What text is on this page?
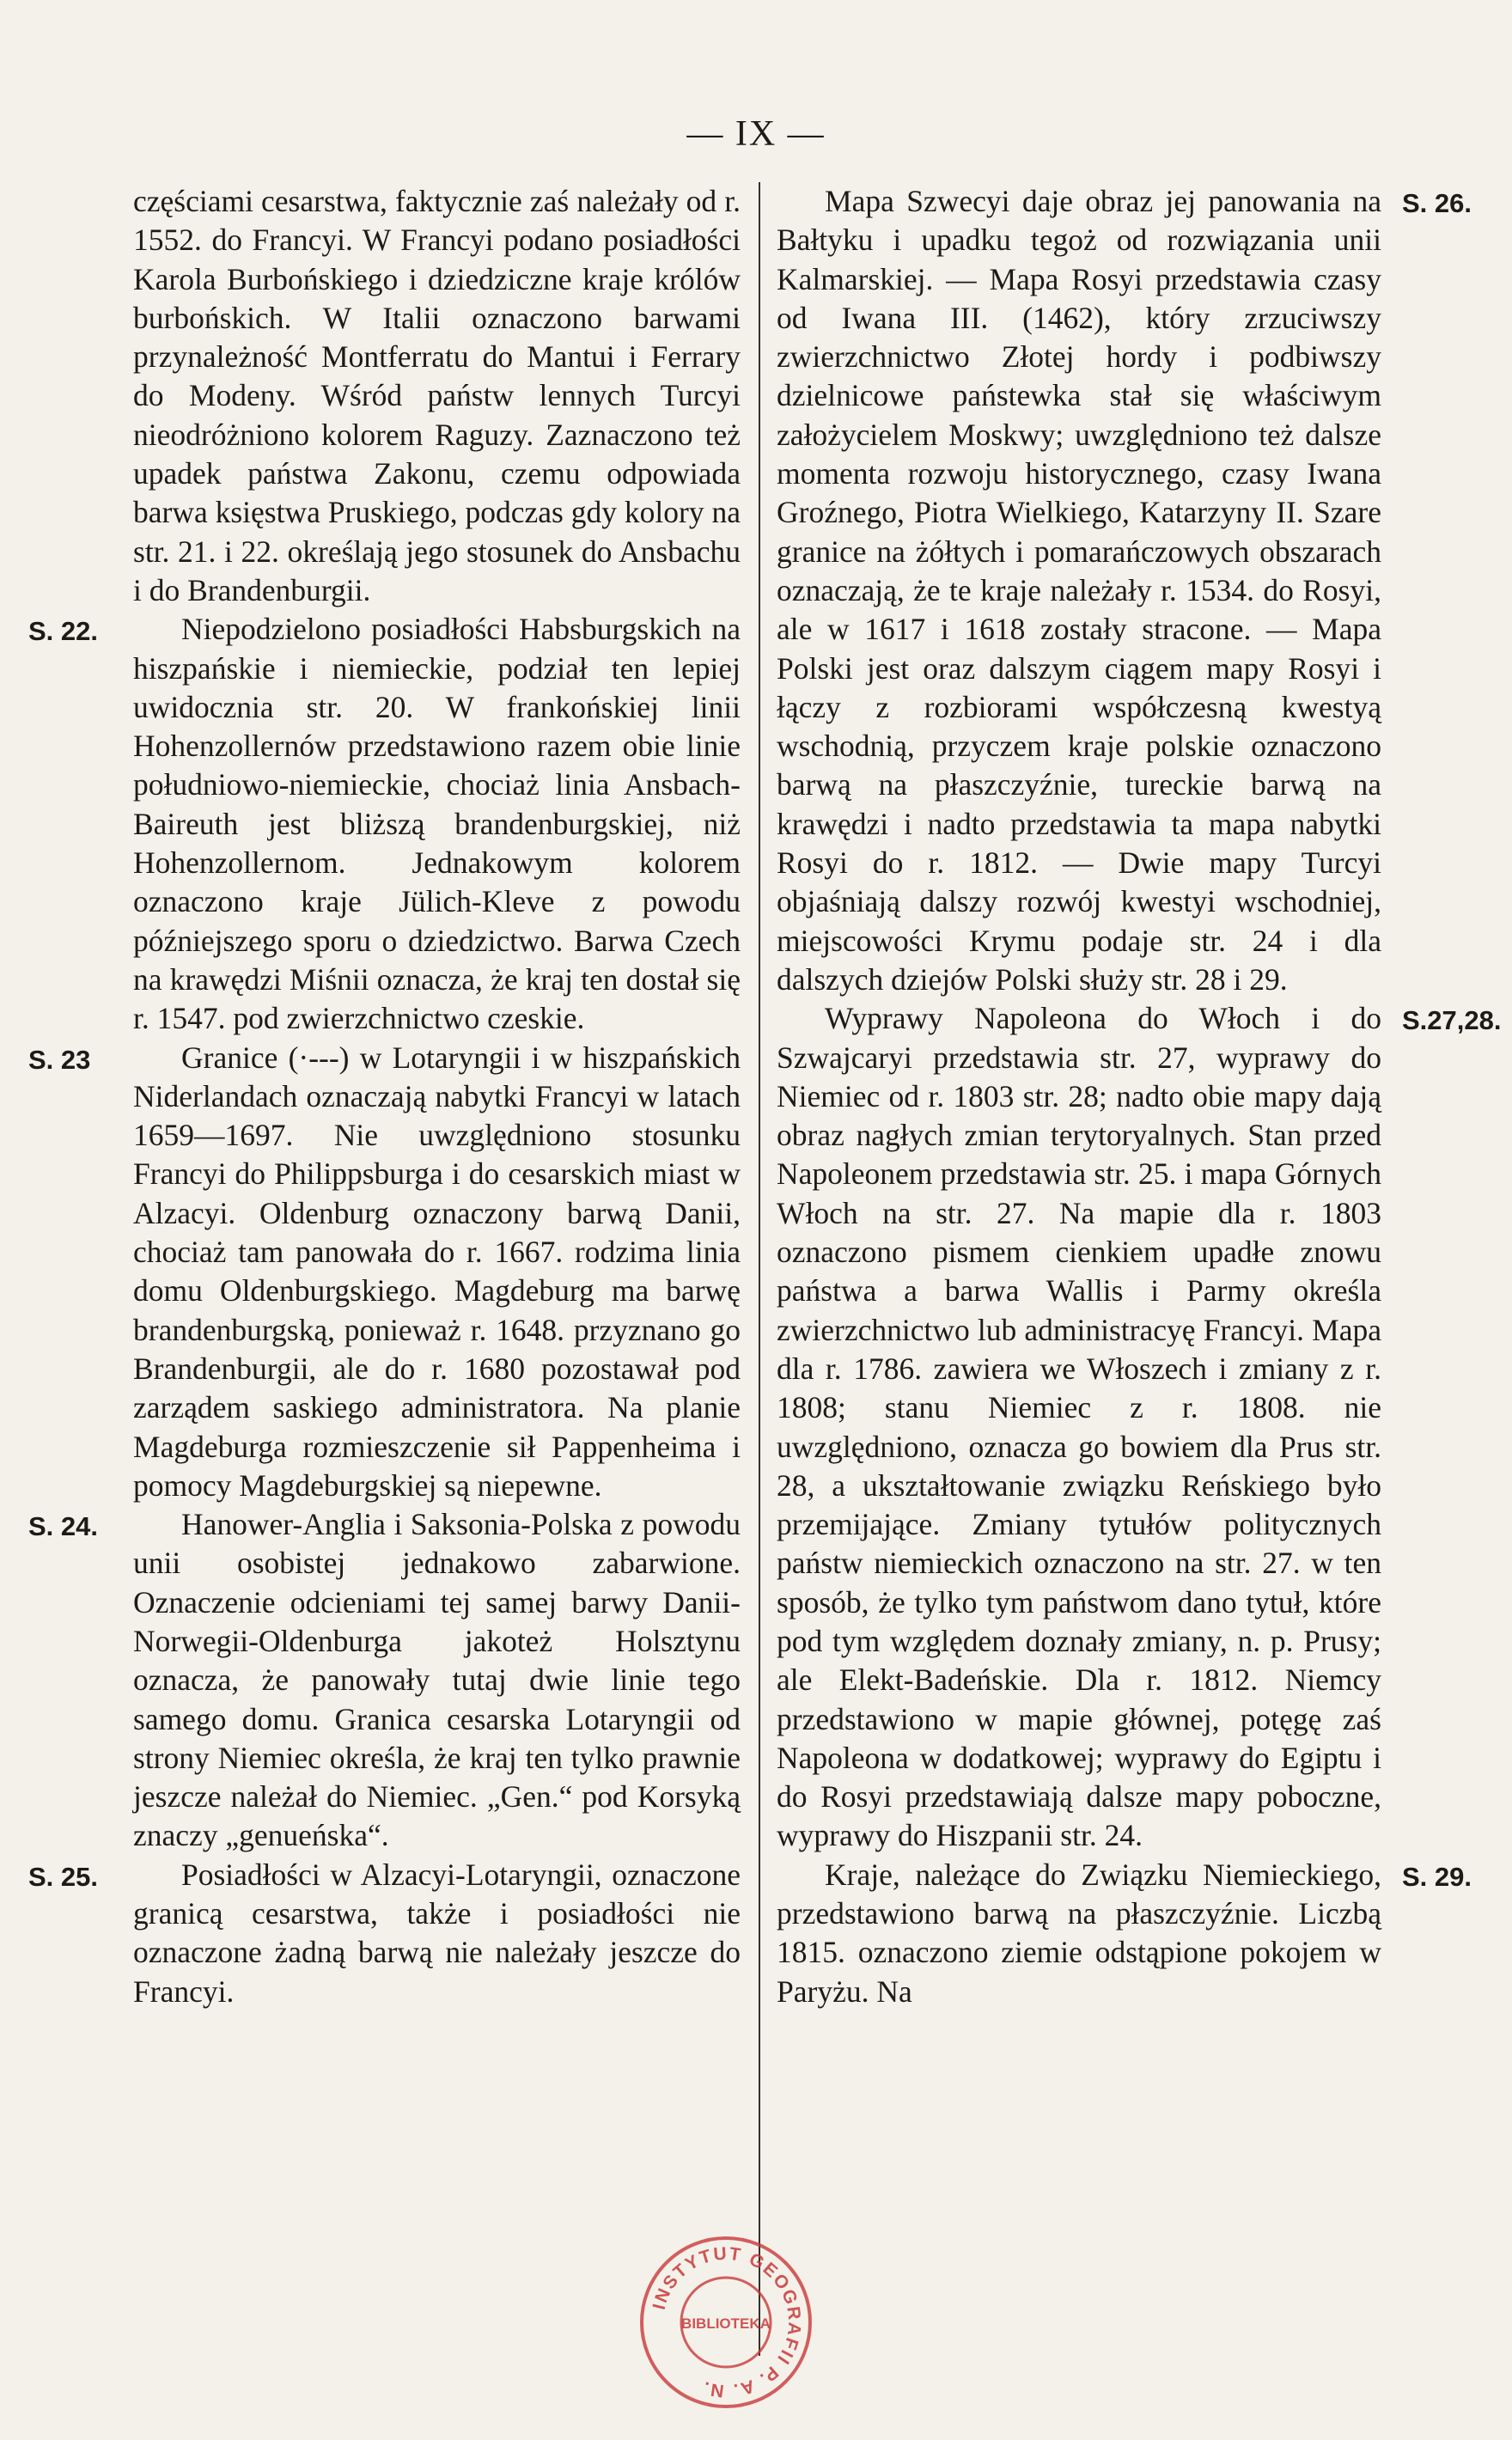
— IX —

częściami cesarstwa, faktycznie zaś należały od r. 1552. do Francyi. W Francyi podano posiadłości Karola Burbońskiego i dziedziczne kraje królów burbońskich. W Italii oznaczono barwami przynależność Montferratu do Mantui i Ferrary do Modeny. Wśród państw lennych Turcyi nieodróżniono kolorem Raguzy. Zaznaczono też upadek państwa Zakonu, czemu odpowiada barwa księstwa Pruskiego, podczas gdy kolory na str. 21. i 22. określają jego stosunek do Ansbachu i do Brandenburgii.

S. 22.	Niepodzielono posiadłości Habsburgskich na hiszpańskie i niemieckie, podział ten lepiej uwidoczniа str. 20. W frankońskiej linii Hohenzollernów przedstawiono razem obie linie południowo-niemieckie, chociaż linia Ansbach-Baireuth jest bliższą brandenburgskiej, niż Hohenzollernom. Jednakowym kolorem oznaczono kraje Jülich-Kleve z powodu późniejszego sporu o dziedzictwo. Barwa Czech na krawędzi Miśnii oznacza, że kraj ten dostał się r. 1547. pod zwierzchnictwo czeskie.

S. 23	Granice (·---) w Lotaryngii i w hiszpańskich Niderlandach oznaczają nabytki Francyi w latach 1659—1697. Nie uwzględniono stosunku Francyi do Philippsburga i do cesarskich miast w Alzacyi. Oldenburg oznaczony barwą Danii, chociaż tam panowała do r. 1667. rodzima linia domu Oldenburgskiego. Magdeburg ma barwę brandenburgską, ponieważ r. 1648. przyznano go Brandenburgii, ale do r. 1680 pozostawał pod zarządem saskiego administratora. Na planie Magdeburga rozmieszczenie sił Pappenheima i pomocy Magdeburgskiej są niepewne.

S. 24.	Hanower-Anglia i Saksonia-Polska z powodu unii osobistej jednakowo zabarwione. Oznaczenie odcieniami tej samej barwy Danii-Norwegii-Oldenburga jakoteż Holsztynu oznacza, że panowały tutaj dwie linie tego samego domu. Granica cesarska Lotaryngii od strony Niemiec określa, że kraj ten tylko prawnie jeszcze należał do Niemiec. „Gen.“ pod Korsyką znaczy „genueńska“.

S. 25.	Posiadłości w Alzacyi-Lotaryngii, oznaczone granicą cesarstwa, także i posiadłości nie oznaczone żadną barwą nie należały jeszcze do Francyi.

S. 26.

Mapa Szwecyi daje obraz jej panowania na Bałtyku i upadku tegoż od rozwiązania unii Kalmarskiej. — Mapa Rosyi przedstawia czasy od Iwana III. (1462), który zrzuciwszy zwierzchnictwo Złotej hordy i podbiwszy dzielnicowe państewka stał się właściwym założycielem Moskwy; uwzględniono też dalsze momenta rozwoju historycznego, czasy Iwana Groźnego, Piotra Wielkiego, Katarzyny II. Szare granice na żółtych i pomarańczowych obszarach oznaczają, że te kraje należały r. 1534. do Rosyi, ale w 1617 i 1618 zostały stracone. — Mapa Polski jest oraz dalszym ciągem mapy Rosyi i łączy z rozbiorami współczesną kwestyą wschodnią, przyczem kraje polskie oznaczono barwą na płaszczyźnie, tureckie barwą na krawędzi i nadto przedstawia ta mapa nabytki Rosyi do r. 1812. — Dwie mapy Turcyi objaśniają dalszy rozwój kwestyi wschodniej, miejscowości Krymu podaje str. 24 i dla dalszych dziejów Polski służy str. 28 i 29.

S.27,28.

Wyprawy Napoleona do Włoch i do Szwajcaryi przedstawia str. 27, wyprawy do Niemiec od r. 1803 str. 28; nadto obie mapy dają obraz nagłych zmian terytoryalnych. Stan przed Napoleonem przedstawia str. 25. i mapa Górnych Włoch na str. 27. Na mapie dla r. 1803 oznaczono pismem cienkiem upadłe znowu państwa a barwa Wallis i Parmy określa zwierzchnictwo lub administracyę Francyi. Mapa dla r. 1786. zawiera we Włoszech i zmiany z r. 1808; stanu Niemiec z r. 1808. nie uwzględniono, oznacza go bowiem dla Prus str. 28, a ukształtowanie związku Reńskiego było przemijające. Zmiany tytułów politycznych państw niemieckich oznaczono na str. 27. w ten sposób, że tylko tym państwom dano tytuł, które pod tym względem doznały zmiany, n. p. Prusy; ale Elekt-Badeńskie. Dla r. 1812. Niemcy przedstawiono w mapie głównej, potęgę zaś Napoleona w dodatkowej; wyprawy do Egiptu i do Rosyi przedstawiają dalsze mapy poboczne, wyprawy do Hiszpanii str. 24.

S. 29.

Kraje, należące do Związku Niemieckiego, przedstawiono barwą na płaszczyźnie. Liczbą 1815. oznaczono ziemie odstąpione pokojem w Paryżu. Na

INSTYTUT GEOGRAFII P. A. N.
BIBLIOTEKA
